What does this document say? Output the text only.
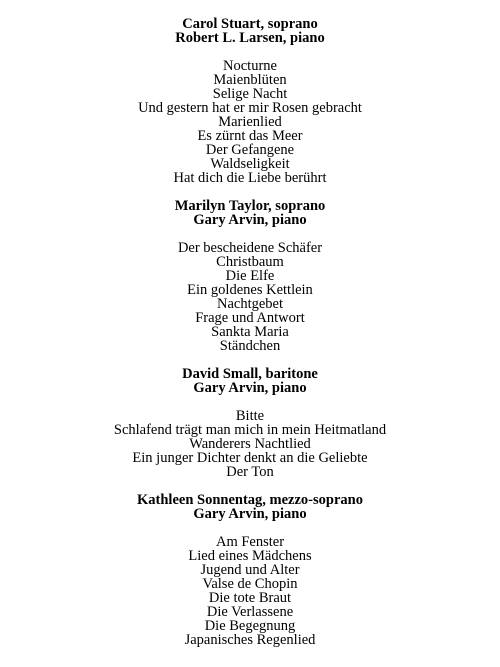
Carol Stuart, soprano
Robert L. Larsen, piano
Nocturne
Maienblüten
Selige Nacht
Und gestern hat er mir Rosen gebracht
Marienlied
Es zürnt das Meer
Der Gefangene
Waldseligkeit
Hat dich die Liebe berührt
Marilyn Taylor, soprano
Gary Arvin, piano
Der bescheidene Schäfer
Christbaum
Die Elfe
Ein goldenes Kettlein
Nachtgebet
Frage und Antwort
Sankta Maria
Ständchen
David Small, baritone
Gary Arvin, piano
Bitte
Schlafend trägt man mich in mein Heitmatland
Wanderers Nachtlied
Ein junger Dichter denkt an die Geliebte
Der Ton
Kathleen Sonnentag, mezzo-soprano
Gary Arvin, piano
Am Fenster
Lied eines Mädchens
Jugend und Alter
Valse de Chopin
Die tote Braut
Die Verlassene
Die Begegnung
Japanisches Regenlied
